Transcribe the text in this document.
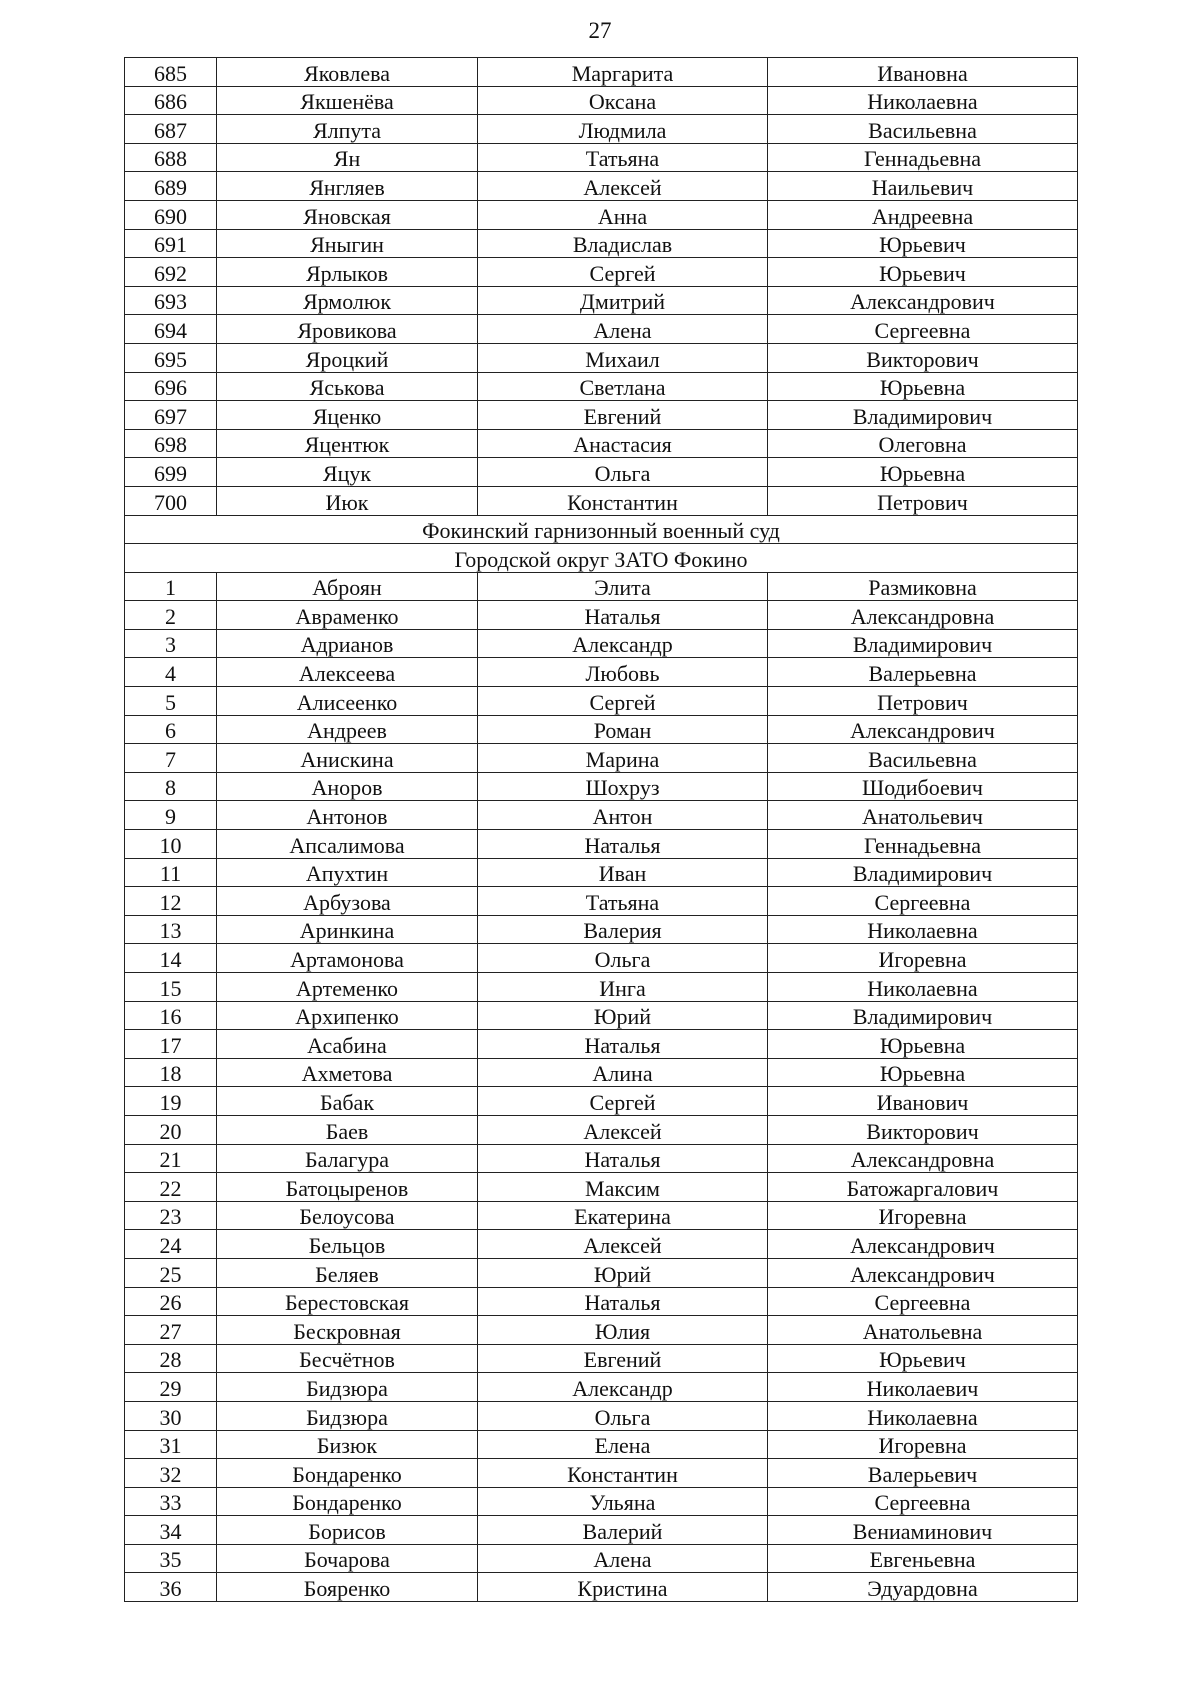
27
685	Яковлева	Маргарита	Ивановна
686	Якшенёва	Оксана	Николаевна
687	Ялпута	Людмила	Васильевна
688	Ян	Татьяна	Геннадьевна
689	Янгляев	Алексей	Наильевич
690	Яновская	Анна	Андреевна
691	Яныгин	Владислав	Юрьевич
692	Ярлыков	Сергей	Юрьевич
693	Ярмолюк	Дмитрий	Александрович
694	Яровикова	Алена	Сергеевна
695	Яроцкий	Михаил	Викторович
696	Яськова	Светлана	Юрьевна
697	Яценко	Евгений	Владимирович
698	Яцентюк	Анастасия	Олеговна
699	Яцук	Ольга	Юрьевна
700	Июк	Константин	Петрович
Фокинский гарнизонный военный суд			
Городской округ ЗАТО Фокино			
1	Аброян	Элита	Размиковна
2	Авраменко	Наталья	Александровна
3	Адрианов	Александр	Владимирович
4	Алексеева	Любовь	Валерьевна
5	Алисеенко	Сергей	Петрович
6	Андреев	Роман	Александрович
7	Анискина	Марина	Васильевна
8	Аноров	Шохруз	Шодибоевич
9	Антонов	Антон	Анатольевич
10	Апсалимова	Наталья	Геннадьевна
11	Апухтин	Иван	Владимирович
12	Арбузова	Татьяна	Сергеевна
13	Аринкина	Валерия	Николаевна
14	Артамонова	Ольга	Игоревна
15	Артеменко	Инга	Николаевна
16	Архипенко	Юрий	Владимирович
17	Асабина	Наталья	Юрьевна
18	Ахметова	Алина	Юрьевна
19	Бабак	Сергей	Иванович
20	Баев	Алексей	Викторович
21	Балагура	Наталья	Александровна
22	Батоцыренов	Максим	Батожаргалович
23	Белоусова	Екатерина	Игоревна
24	Бельцов	Алексей	Александрович
25	Беляев	Юрий	Александрович
26	Берестовская	Наталья	Сергеевна
27	Бескровная	Юлия	Анатольевна
28	Бесчётнов	Евгений	Юрьевич
29	Бидзюра	Александр	Николаевич
30	Бидзюра	Ольга	Николаевна
31	Бизюк	Елена	Игоревна
32	Бондаренко	Константин	Валерьевич
33	Бондаренко	Ульяна	Сергеевна
34	Борисов	Валерий	Вениаминович
35	Бочарова	Алена	Евгеньевна
36	Бояренко	Кристина	Эдуардовна
